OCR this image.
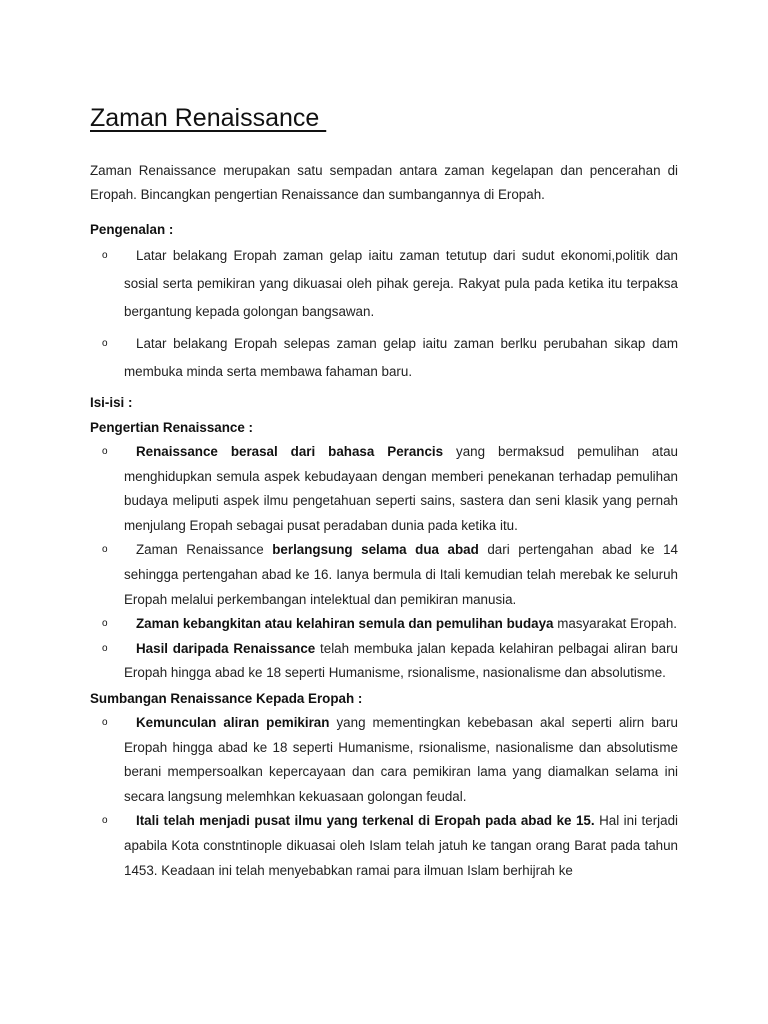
Zaman Renaissance

Zaman Renaissance merupakan satu sempadan antara zaman kegelapan dan pencerahan di Eropah. Bincangkan pengertian Renaissance dan sumbangannya di Eropah.

Pengenalan :
o Latar belakang Eropah zaman gelap iaitu zaman tetutup dari sudut ekonomi,politik dan sosial serta pemikiran yang dikuasai oleh pihak gereja. Rakyat pula pada ketika itu terpaksa bergantung kepada golongan bangsawan.
o Latar belakang Eropah selepas zaman gelap iaitu zaman berlku perubahan sikap dam membuka minda serta membawa fahaman baru.
Isi-isi :
Pengertian Renaissance :
o Renaissance berasal dari bahasa Perancis yang bermaksud pemulihan atau menghidupkan semula aspek kebudayaan dengan memberi penekanan terhadap pemulihan budaya meliputi aspek ilmu pengetahuan seperti sains, sastera dan seni klasik yang pernah menjulang Eropah sebagai pusat peradaban dunia pada ketika itu.
o Zaman Renaissance berlangsung selama dua abad dari pertengahan abad ke 14 sehingga pertengahan abad ke 16. Ianya bermula di Itali kemudian telah merebak ke seluruh Eropah melalui perkembangan intelektual dan pemikiran manusia.
o Zaman kebangkitan atau kelahiran semula dan pemulihan budaya masyarakat Eropah.
o Hasil daripada Renaissance telah membuka jalan kepada kelahiran pelbagai aliran baru Eropah hingga abad ke 18 seperti Humanisme, rsionalisme, nasionalisme dan absolutisme.
Sumbangan Renaissance Kepada Eropah :
o Kemunculan aliran pemikiran yang mementingkan kebebasan akal seperti alirn baru Eropah hingga abad ke 18 seperti Humanisme, rsionalisme, nasionalisme dan absolutisme berani mempersoalkan kepercayaan dan cara pemikiran lama yang diamalkan selama ini secara langsung melemhkan kekuasaan golongan feudal.
o Itali telah menjadi pusat ilmu yang terkenal di Eropah pada abad ke 15. Hal ini terjadi apabila Kota constntinople dikuasai oleh Islam telah jatuh ke tangan orang Barat pada tahun 1453. Keadaan ini telah menyebabkan ramai para ilmuan Islam berhijrah ke
